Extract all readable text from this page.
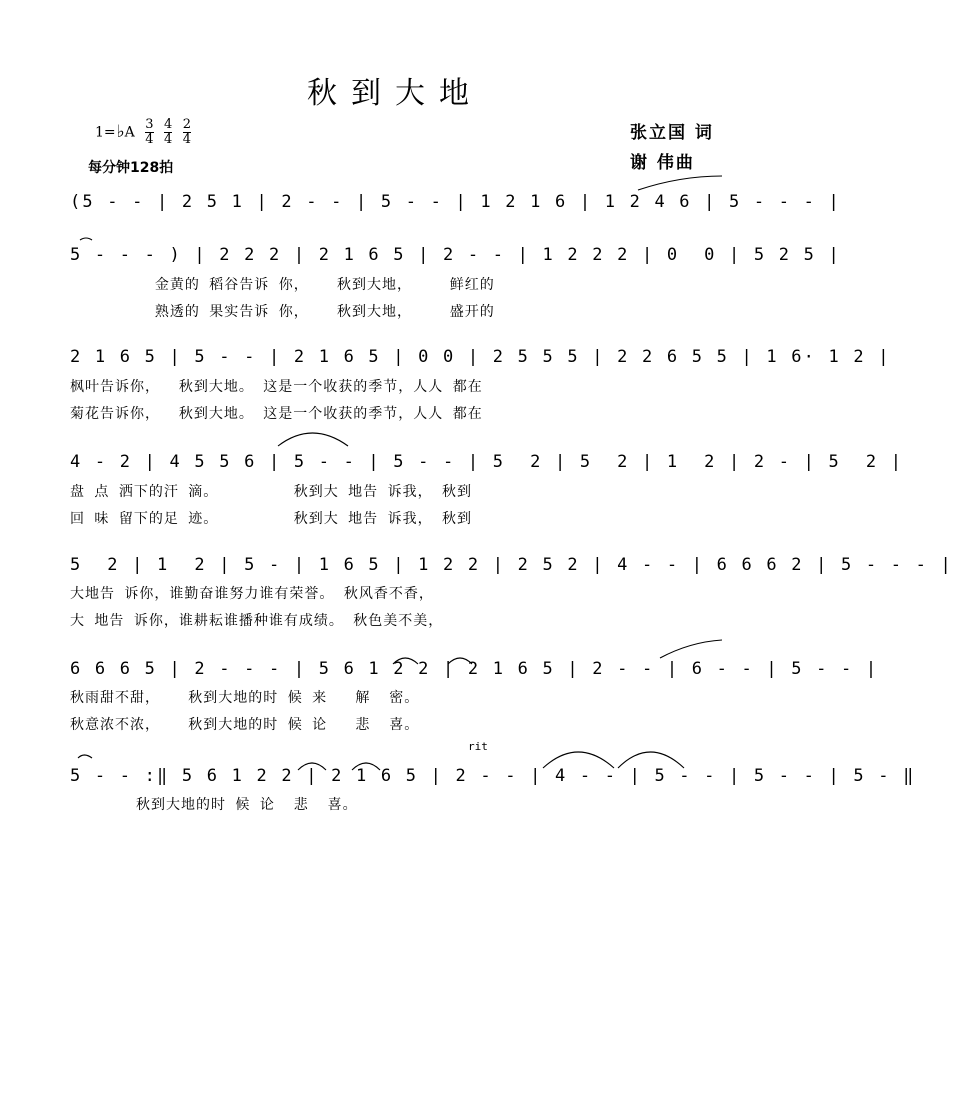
秋到大地
1=♭A $\frac{3}{4}$
$\frac{4}{4}$
$\frac{2}{4}$
每分钟128拍
张立国 词
谢 伟曲
(5 - - | 2 5 1 | 2 - - | 5 - - | 1 2 1 6 | 1 2 4 6 | 5 - - - |
5 - - - ) | 2 2 2 | 2 1 6 5 | 2 - - | 1 2 2 2 | 0  0 | 5 2 5 |
金黄的 稻谷告诉 你，   秋到大地，    鲜红的
熟透的 果实告诉 你，   秋到大地，    盛开的
2 1 6 5 | 5 - - | 2 1 6 5 | 0 0 | 2 5 5 5 | 2 2 6 5 5 | 1 6· 1 2 |
枫叶告诉你，  秋到大地。 这是一个收获的季节，人人 都在
菊花告诉你，  秋到大地。 这是一个收获的季节，人人 都在
4 - 2 | 4 5 5 6 | 5 - - | 5 - - | 5  2 | 5  2 | 1  2 | 2 - | 5  2 |
盘 点 洒下的汗 滴。        秋到大 地告 诉我， 秋到
回 味 留下的足 迹。        秋到大 地告 诉我， 秋到
5  2 | 1  2 | 5 - | 1 6 5 | 1 2 2 | 2 5 2 | 4 - - | 6 6 6 2 | 5 - - - |
大地告 诉你，谁勤奋谁努力谁有荣誉。 秋风香不香，
大 地告 诉你，谁耕耘谁播种谁有成绩。 秋色美不美，
6 6 6 5 | 2 - - - | 5 6 1 2 2 | 2 1 6 5 | 2 - - | 6 - - | 5 - - |
秋雨甜不甜，   秋到大地的时 候 来   解  密。
秋意浓不浓，   秋到大地的时 候 论   悲  喜。
rit
5 - - :‖ 5 6 1 2 2 | 2 1 6 5 | 2 - - | 4 - - | 5 - - | 5 - - | 5 - ‖
秋到大地的时 候 论  悲  喜。
